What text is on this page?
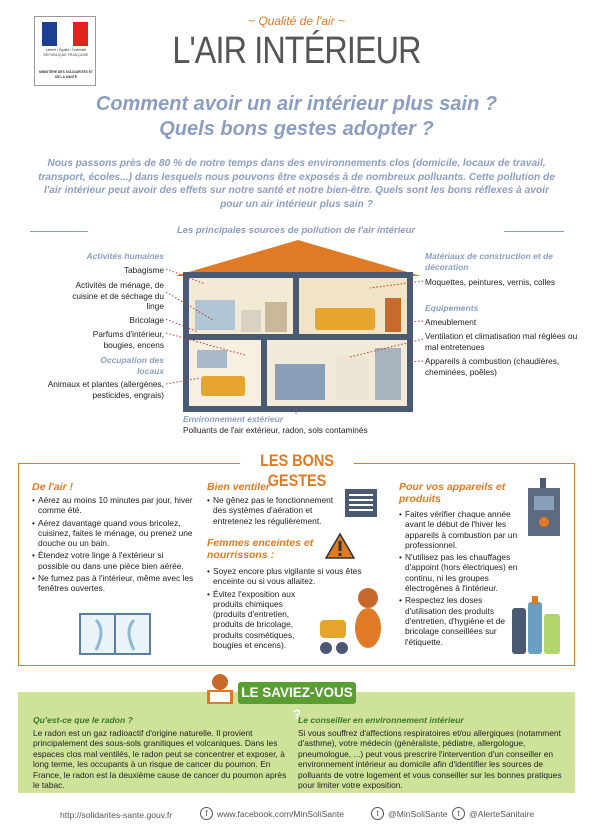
Liberté • Égalité • Fraternité
RÉPUBLIQUE FRANÇAISE
MINISTÈRE DES SOLIDARITÉS ET DE LA SANTÉ
~ Qualité de l'air ~
L'AIR INTÉRIEUR
Comment avoir un air intérieur plus sain ?
Quels bons gestes adopter ?
Nous passons près de 80 % de notre temps dans des environnements clos (domicile, locaux de travail, transport, écoles...) dans lesquels nous pouvons être exposés à de nombreux polluants. Cette pollution de l'air intérieur peut avoir des effets sur notre santé et notre bien-être. Quels sont les bons réflexes à avoir pour un air intérieur plus sain ?
Les principales sources de pollution de l'air intérieur
Activités humaines
Tabagisme
Activités de ménage, de cuisine et de séchage du linge
Bricolage
Parfums d'intérieur, bougies, encens
Occupation des locaux
Animaux et plantes (allergènes, pesticides, engrais)
Matériaux de construction et de décoration
Moquettes, peintures, vernis, colles
Equipements
Ameublement
Ventilation et climatisation mal réglées ou mal entretenues
Appareils à combustion (chaudières, cheminées, poêles)
Environnement extérieur
Polluants de l'air extérieur, radon, sols contaminés
LES BONS GESTES
De l'air !
• Aérez au moins 10 minutes par jour, hiver comme été.
• Aérez davantage quand vous bricolez, cuisinez, faites le ménage, ou prenez une douche ou un bain.
• Étendez votre linge à l'extérieur si possible ou dans une pièce bien aérée.
• Ne fumez pas à l'intérieur, même avec les fenêtres ouvertes.
Bien ventiler
• Ne gênez pas le fonctionnement des systèmes d'aération et entretenez les régulièrement.
Femmes enceintes et nourrissons :
• Soyez encore plus vigilante si vous êtes enceinte ou si vous allaitez.
• Évitez l'exposition aux produits chimiques (produits d'entretien, produits de bricolage, produits cosmétiques, bougies et encens).
Pour vos appareils et produits
• Faites vérifier chaque année avant le début de l'hiver les appareils à combustion par un professionnel.
• N'utilisez pas les chauffages d'appoint (hors électriques) en continu, ni les groupes électrogènes à l'intérieur.
• Respectez les doses d'utilisation des produits d'entretien, d'hygiène et de bricolage conseillées sur l'étiquette.
LE SAVIEZ-VOUS ?
Qu'est-ce que le radon ?
Le radon est un gaz radioactif d'origine naturelle. Il provient principalement des sous-sols granitiques et volcaniques. Dans les espaces clos mal ventilés, le radon peut se concentrer et exposer, à long terme, les occupants à un risque de cancer du poumon. En France, le radon est la deuxième cause de cancer du poumon après le tabac.
Le conseiller en environnement intérieur
Si vous souffrez d'affections respiratoires et/ou allergiques (notamment d'asthme), votre médecin (généraliste, pédiatre, allergologue, pneumologue, ...) peut vous prescrire l'intervention d'un conseiller en environnement intérieur au domicile afin d'identifier les sources de polluants de votre logement et vous conseiller sur les bonnes pratiques pour limiter votre exposition.
http://solidarites-sante.gouv.fr	f	www.facebook.com/MinSoliSante	t	@MinSoliSante	t	@AlerteSanitaire
